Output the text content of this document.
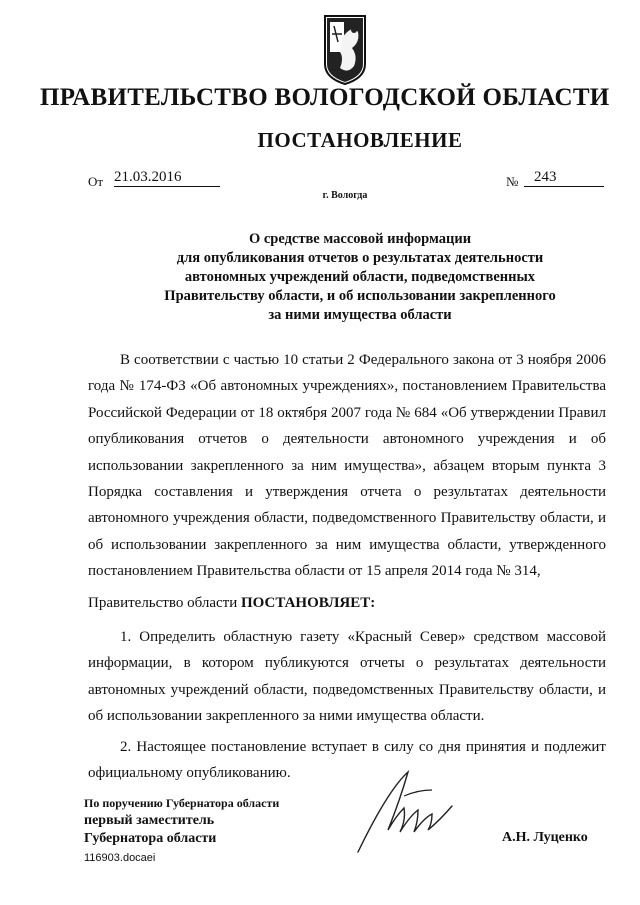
ПРАВИТЕЛЬСТВО ВОЛОГОДСКОЙ ОБЛАСТИ
ПОСТАНОВЛЕНИЕ
От 21.03.2016	№	243
г. Вологда
О средстве массовой информации
для опубликования отчетов о результатах деятельности
автономных учреждений области, подведомственных
Правительству области, и об использовании закрепленного
за ними имущества области

В соответствии с частью 10 статьи 2 Федерального закона от 3 ноября 2006 года № 174-ФЗ «Об автономных учреждениях», постановлением Правительства Российской Федерации от 18 октября 2007 года № 684 «Об утверждении Правил опубликования отчетов о деятельности автономного учреждения и об использовании закрепленного за ним имущества», абзацем вторым пункта 3 Порядка составления и утверждения отчета о результатах деятельности автономного учреждения области, подведомственного Правительству области, и об использовании закрепленного за ним имущества области, утвержденного постановлением Правительства области от 15 апреля 2014 года № 314,

Правительство области ПОСТАНОВЛЯЕТ:

1. Определить областную газету «Красный Север» средством массовой информации, в котором публикуются отчеты о результатах деятельности автономных учреждений области, подведомственных Правительству области, и об использовании закрепленного за ними имущества области.

2. Настоящее постановление вступает в силу со дня принятия и подлежит официальному опубликованию.

По поручению Губернатора области
первый заместитель
Губернатора области	А.Н. Луценко
116903.docaei
